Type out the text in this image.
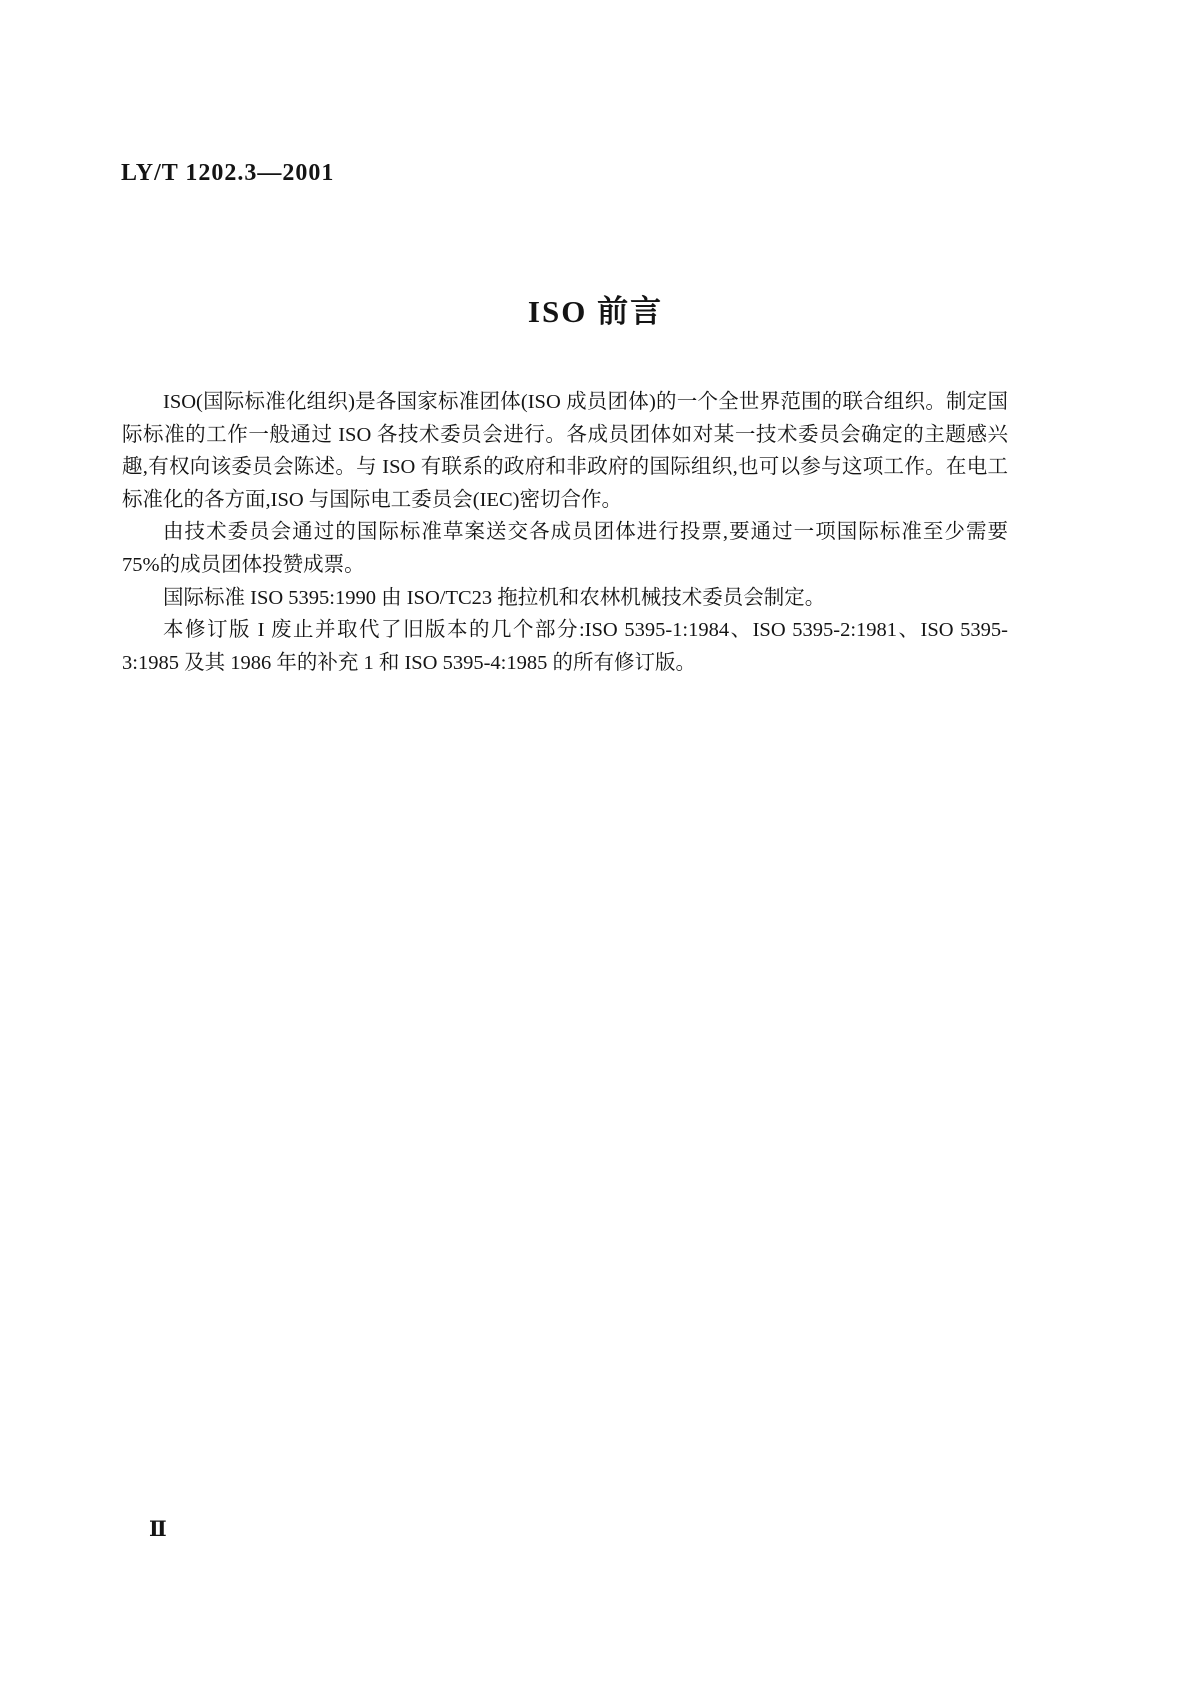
LY/T 1202.3—2001
ISO 前言

ISO(国际标准化组织)是各国家标准团体(ISO 成员团体)的一个全世界范围的联合组织。制定国际标准的工作一般通过 ISO 各技术委员会进行。各成员团体如对某一技术委员会确定的主题感兴趣,有权向该委员会陈述。与 ISO 有联系的政府和非政府的国际组织,也可以参与这项工作。在电工标准化的各方面,ISO 与国际电工委员会(IEC)密切合作。

由技术委员会通过的国际标准草案送交各成员团体进行投票,要通过一项国际标准至少需要 75%的成员团体投赞成票。

国际标准 ISO 5395:1990 由 ISO/TC23 拖拉机和农林机械技术委员会制定。

本修订版 I 废止并取代了旧版本的几个部分:ISO 5395-1:1984、ISO 5395-2:1981、ISO 5395-3:1985 及其 1986 年的补充 1 和 ISO 5395-4:1985 的所有修订版。

Ⅱ
